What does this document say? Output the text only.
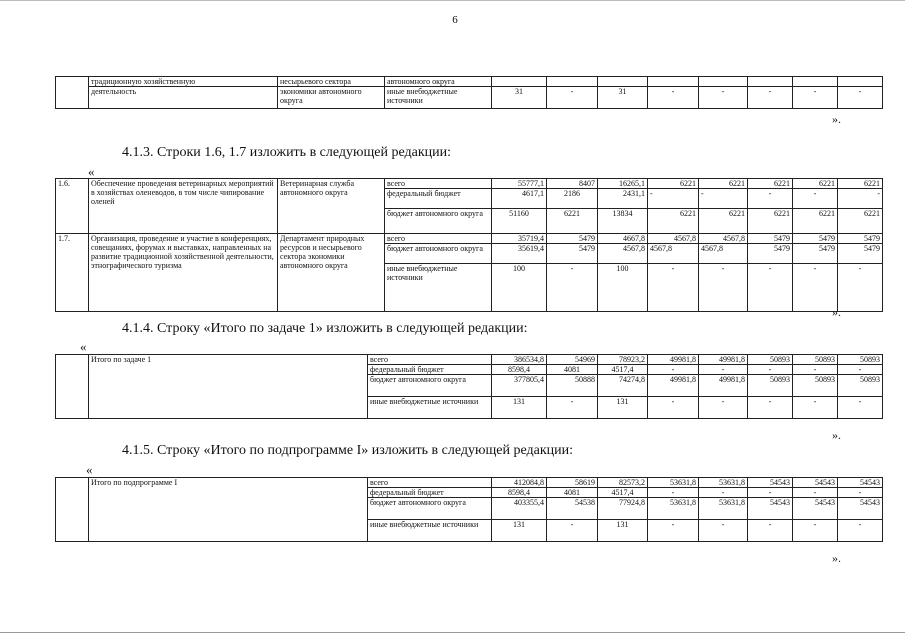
6
	традиционную хозяйственную	несырьевого сектора	автономного округа								
	деятельность	экономики автономного округа	иные внебюджетные источники	31	-	31	-	-	-	-	-
».
4.1.3. Строки 1.6, 1.7 изложить в следующей редакции:
«
1.6.	Обеспечение проведения ветеринарных мероприятий в хозяйствах оленеводов, в том числе чипирование оленей	Ветеринарная служба автономного округа	всего	55777,1	8407	16265,1	6221	6221	6221	6221	6221
			федеральный бюджет	4617,1	2186	2431,1	-	-	-	-	-
			бюджет автономного округа	51160	6221	13834	6221	6221	6221	6221	6221
1.7.	Организация, проведение и участие в конференциях, совещаниях, форумах и выставках, направленных на развитие традиционной хозяйственной деятельности, этнографического туризма	Департамент природных ресурсов и несырьевого сектора экономики автономного округа	всего	35719,4	5479	4667,8	4567,8	4567,8	5479	5479	5479
			бюджет автономного округа	35619,4	5479	4567,8	4567,8	4567,8	5479	5479	5479
			иные внебюджетные источники	100	-	100	-	-	-	-	-
».
4.1.4. Строку «Итого по задаче 1» изложить в следующей редакции:
«
	Итого по задаче 1	всего	386534,8	54969	78923,2	49981,8	49981,8	50893	50893	50893
		федеральный бюджет	8598,4	4081	4517,4	-	-	-	-	-
		бюджет автономного округа	377805,4	50888	74274,8	49981,8	49981,8	50893	50893	50893
		иные внебюджетные источники	131	-	131	-	-	-	-	-
».
4.1.5. Строку «Итого по подпрограмме I» изложить в следующей редакции:
«
	Итого по подпрограмме I	всего	412084,8	58619	82573,2	53631,8	53631,8	54543	54543	54543
		федеральный бюджет	8598,4	4081	4517,4	-	-	-	-	-
		бюджет автономного округа	403355,4	54538	77924,8	53631,8	53631,8	54543	54543	54543
		иные внебюджетные источники	131	-	131	-	-	-	-	-
».
